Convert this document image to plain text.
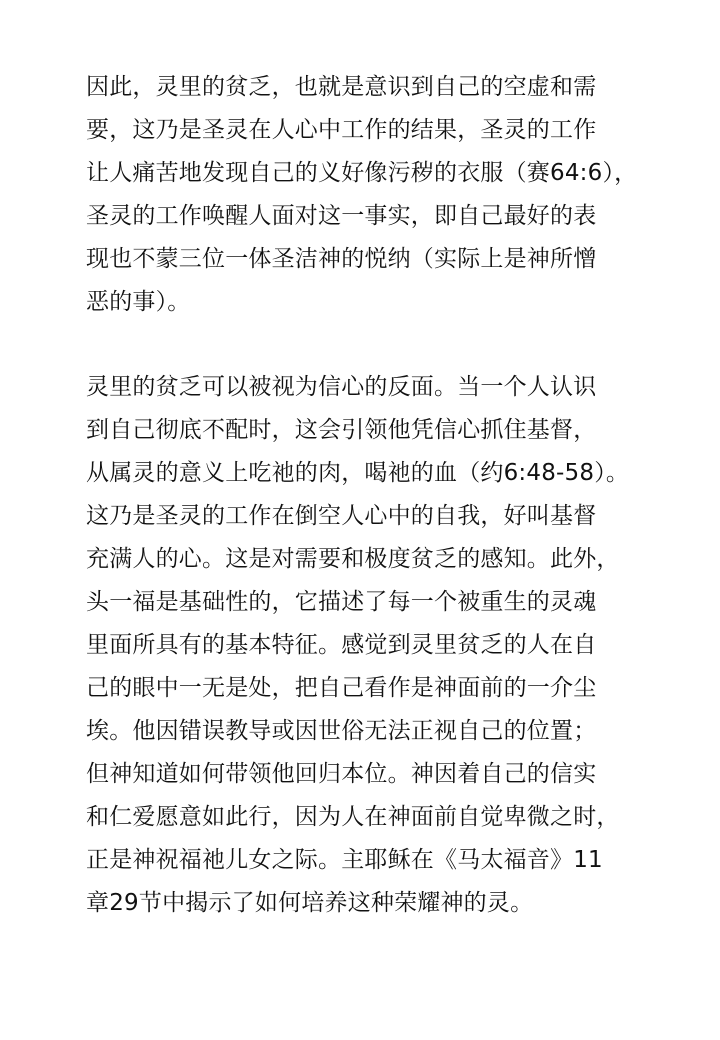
因此，灵里的贫乏，也就是意识到自己的空虚和需
要，这乃是圣灵在人心中工作的结果，圣灵的工作
让人痛苦地发现自己的义好像污秽的衣服（赛64:6），
圣灵的工作唤醒人面对这一事实，即自己最好的表
现也不蒙三位一体圣洁神的悦纳（实际上是神所憎
恶的事）。
灵里的贫乏可以被视为信心的反面。当一个人认识
到自己彻底不配时，这会引领他凭信心抓住基督，
从属灵的意义上吃祂的肉，喝祂的血（约6:48-58）。
这乃是圣灵的工作在倒空人心中的自我，好叫基督
充满人的心。这是对需要和极度贫乏的感知。此外，
头一福是基础性的，它描述了每一个被重生的灵魂
里面所具有的基本特征。感觉到灵里贫乏的人在自
己的眼中一无是处，把自己看作是神面前的一介尘
埃。他因错误教导或因世俗无法正视自己的位置；
但神知道如何带领他回归本位。神因着自己的信实
和仁爱愿意如此行，因为人在神面前自觉卑微之时，
正是神祝福祂儿女之际。主耶稣在《马太福音》11
章29节中揭示了如何培养这种荣耀神的灵。
